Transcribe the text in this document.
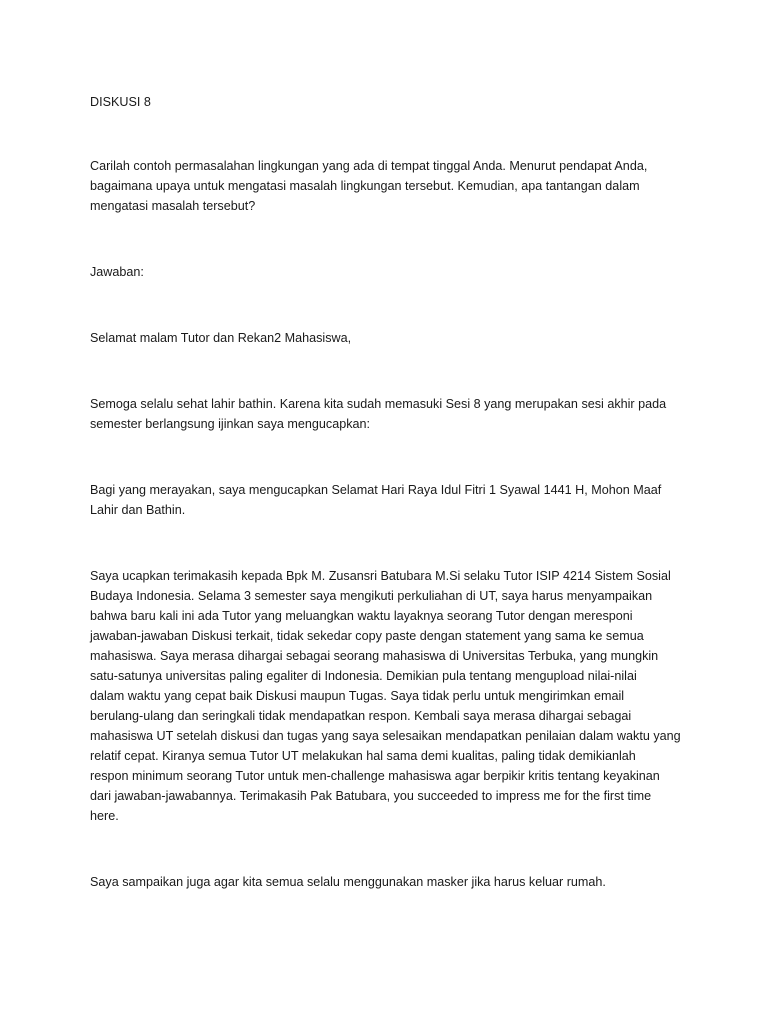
DISKUSI 8

Carilah contoh permasalahan lingkungan yang ada di tempat tinggal Anda. Menurut pendapat Anda,
bagaimana upaya untuk mengatasi masalah lingkungan tersebut. Kemudian, apa tantangan dalam
mengatasi masalah tersebut?

Jawaban:

Selamat malam Tutor dan Rekan2 Mahasiswa,

Semoga selalu sehat lahir bathin. Karena kita sudah memasuki Sesi 8 yang merupakan sesi akhir pada
semester berlangsung ijinkan saya mengucapkan:

Bagi yang merayakan, saya mengucapkan Selamat Hari Raya Idul Fitri 1 Syawal 1441 H, Mohon Maaf
Lahir dan Bathin.

Saya ucapkan terimakasih kepada Bpk M. Zusansri Batubara M.Si selaku Tutor ISIP 4214 Sistem Sosial
Budaya Indonesia. Selama 3 semester saya mengikuti perkuliahan di UT, saya harus menyampaikan
bahwa baru kali ini ada Tutor yang meluangkan waktu layaknya seorang Tutor dengan meresponi
jawaban-jawaban Diskusi terkait, tidak sekedar copy paste dengan statement yang sama ke semua
mahasiswa. Saya merasa dihargai sebagai seorang mahasiswa di Universitas Terbuka, yang mungkin
satu-satunya universitas paling egaliter di Indonesia. Demikian pula tentang mengupload nilai-nilai
dalam waktu yang cepat baik Diskusi maupun Tugas. Saya tidak perlu untuk mengirimkan email
berulang-ulang dan seringkali tidak mendapatkan respon. Kembali saya merasa dihargai sebagai
mahasiswa UT setelah diskusi dan tugas yang saya selesaikan mendapatkan penilaian dalam waktu yang
relatif cepat. Kiranya semua Tutor UT melakukan hal sama demi kualitas, paling tidak demikianlah
respon minimum seorang Tutor untuk men-challenge mahasiswa agar berpikir kritis tentang keyakinan
dari jawaban-jawabannya. Terimakasih Pak Batubara, you succeeded to impress me for the first time
here.

Saya sampaikan juga agar kita semua selalu menggunakan masker jika harus keluar rumah.
